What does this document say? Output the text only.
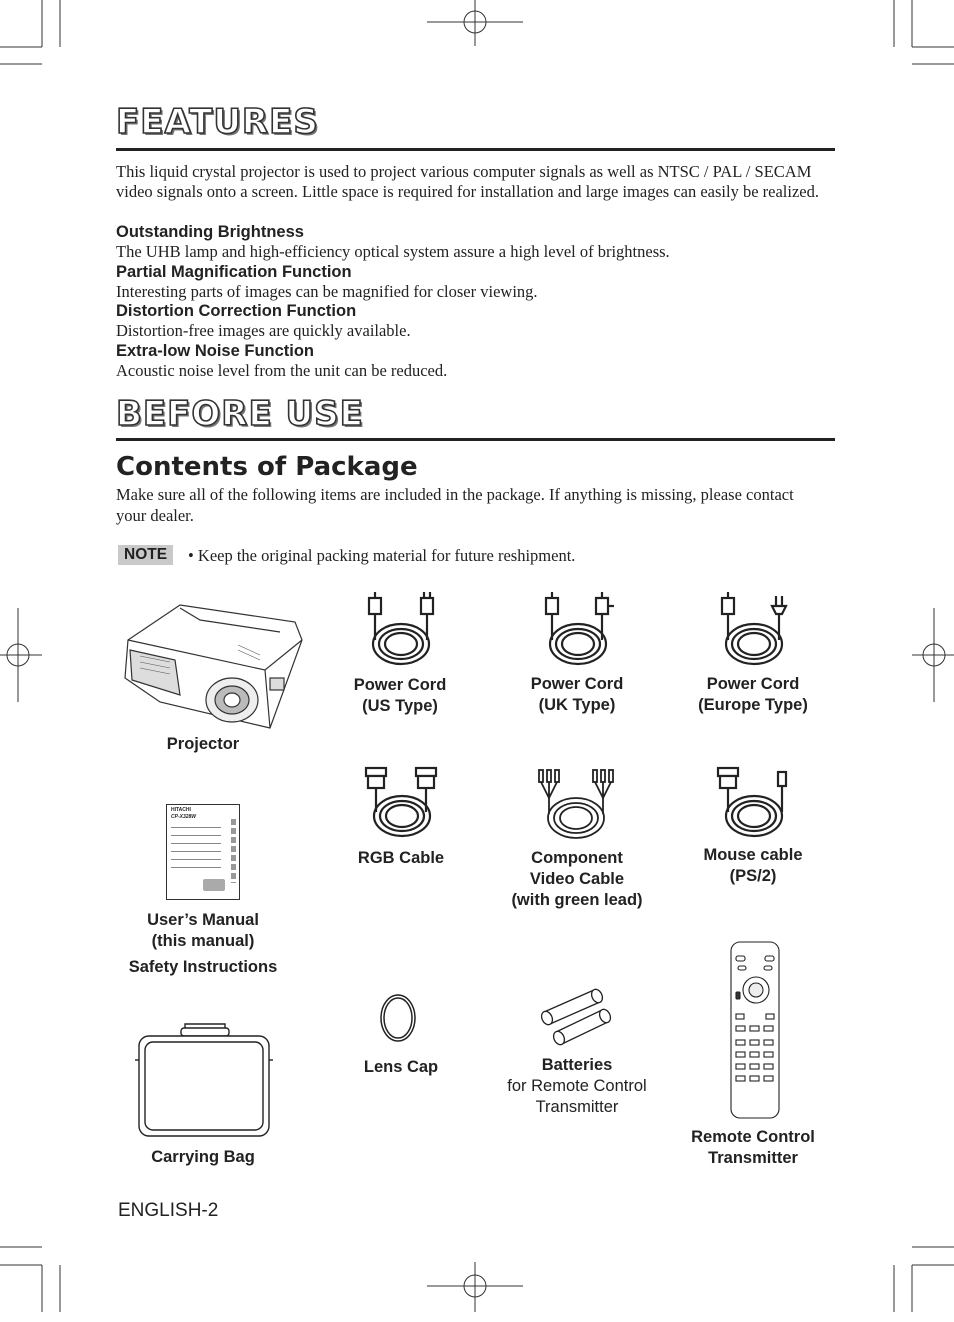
FEATURES
This liquid crystal projector is used to project various computer signals as well as NTSC / PAL / SECAM video signals onto a screen. Little space is required for installation and large images can easily be realized.
Outstanding Brightness
The UHB lamp and high-efficiency optical system assure a high level of brightness.
Partial Magnification Function
Interesting parts of images can be magnified for closer viewing.
Distortion Correction Function
Distortion-free images are quickly available.
Extra-low Noise Function
Acoustic noise level from the unit can be reduced.
BEFORE USE
Contents of Package
Make sure all of the following items are included in the package. If anything is missing, please contact your dealer.
NOTE	• Keep the original packing material for future reshipment.
Projector
Power Cord
(US Type)
Power Cord
(UK Type)
Power Cord
(Europe Type)
RGB Cable	Component
Video Cable
(with green lead)
Mouse cable
(PS/2)
HITACHI
CP-X328W
User’s Manual
(this manual)
Safety Instructions
Lens Cap	Batteries
for Remote Control
Transmitter
Remote Control
Transmitter
Carrying Bag
ENGLISH-2
